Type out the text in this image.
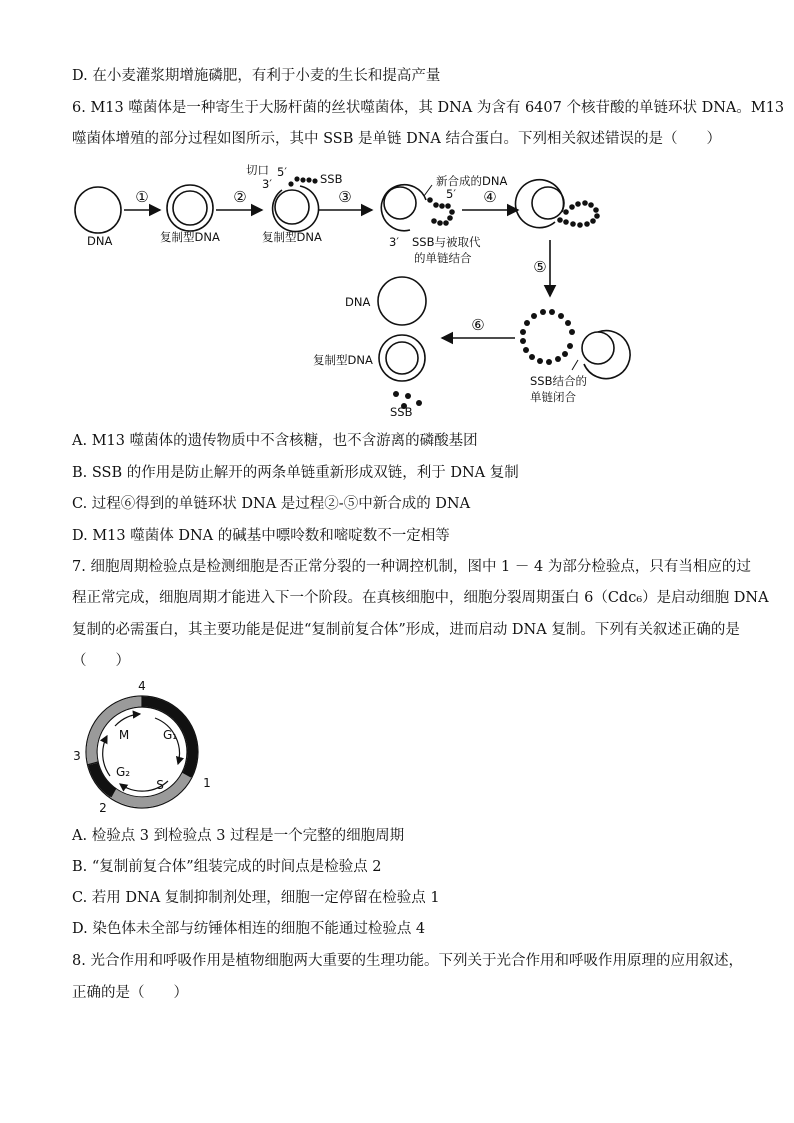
D. 在小麦灌浆期增施磷肥，有利于小麦的生长和提高产量
6. M13 噬菌体是一种寄生于大肠杆菌的丝状噬菌体，其 DNA 为含有 6407 个核苷酸的单链环状 DNA。M13
噬菌体增殖的部分过程如图所示，其中 SSB 是单链 DNA 结合蛋白。下列相关叙述错误的是（　　）
①	②	③	④
⑤
⑥
DNA	复制型DNA	复制型DNA
切口 5′
3′	SSB	新合成的DNA
5′
3′ SSB与被取代
的单链结合
DNA
复制型DNA
SSB
SSB结合的
单链闭合
A. M13 噬菌体的遗传物质中不含核糖，也不含游离的磷酸基团
B. SSB 的作用是防止解开的两条单链重新形成双链，利于 DNA 复制
C. 过程⑥得到的单链环状 DNA 是过程②-⑤中新合成的 DNA
D. M13 噬菌体 DNA 的碱基中嘌呤数和嘧啶数不一定相等
7. 细胞周期检验点是检测细胞是否正常分裂的一种调控机制，图中 1 － 4 为部分检验点，只有当相应的过
程正常完成，细胞周期才能进入下一个阶段。在真核细胞中，细胞分裂周期蛋白 6（Cdc₆）是启动细胞 DNA
复制的必需蛋白，其主要功能是促进“复制前复合体”形成，进而启动 DNA 复制。下列有关叙述正确的是
（　　）
4
1
2
3
M	G₁
G₂
S
A. 检验点 3 到检验点 3 过程是一个完整的细胞周期
B. “复制前复合体”组装完成的时间点是检验点 2
C. 若用 DNA 复制抑制剂处理，细胞一定停留在检验点 1
D. 染色体未全部与纺锤体相连的细胞不能通过检验点 4
8. 光合作用和呼吸作用是植物细胞两大重要的生理功能。下列关于光合作用和呼吸作用原理的应用叙述，
正确的是（　　）
